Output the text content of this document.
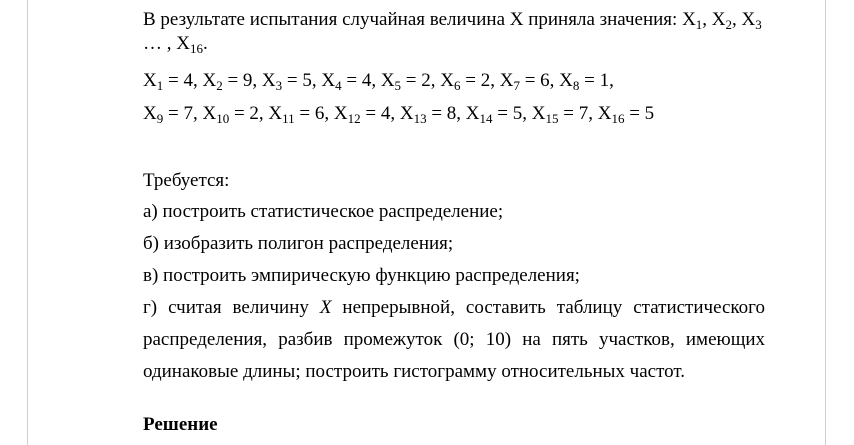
В результате испытания случайная величина X приняла значения: $X_1$, $X_2$, $X_3$
… , $X_{16}$.
$X_1 = 4$, $X_2 = 9$, $X_3 = 5$, $X_4 = 4$, $X_5 = 2$, $X_6 = 2$, $X_7 = 6$, $X_8 = 1$,
$X_9 = 7$, $X_{10} = 2$, $X_{11} = 6$, $X_{12} = 4$, $X_{13} = 8$, $X_{14} = 5$, $X_{15} = 7$, $X_{16} = 5$
Требуется:
а) построить статистическое распределение;
б) изобразить полигон распределения;
в) построить эмпирическую функцию распределения;
г) считая величину X непрерывной, составить таблицу статистического
распределения, разбив промежуток (0; 10) на пять участков, имеющих
одинаковые длины; построить гистограмму относительных частот.
Решение
